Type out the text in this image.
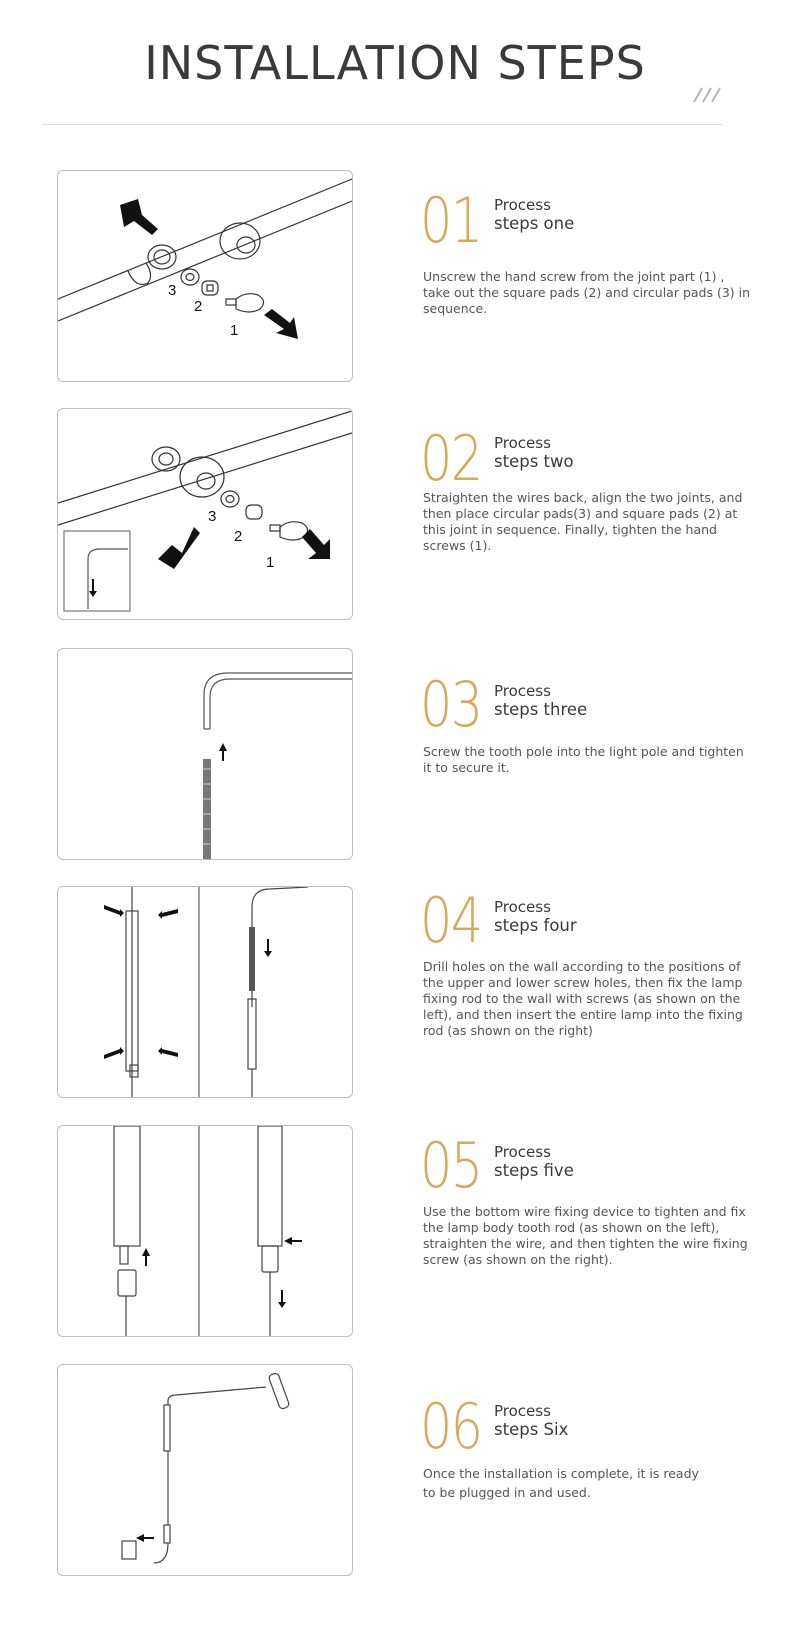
INSTALLATION STEPS
3
2
1
01 Process
steps one

Unscrew the hand screw from the joint part (1) , take out the square pads (2) and circular pads (3) in sequence.

3
2
1
02 Process
steps two

Straighten the wires back, align the two joints, and then place circular pads(3) and square pads (2) at this joint in sequence. Finally, tighten the hand screws (1).

03 Process
steps three

Screw the tooth pole into the light pole and tighten it to secure it.

04 Process
steps four

Drill holes on the wall according to the positions of the upper and lower screw holes, then fix the lamp fixing rod to the wall with screws (as shown on the left), and then insert the entire lamp into the fixing rod (as shown on the right)

05 Process
steps five

Use the bottom wire fixing device to tighten and fix the lamp body tooth rod (as shown on the left), straighten the wire, and then tighten the wire fixing screw (as shown on the right).

06 Process
steps Six

Once the installation is complete, it is ready to be plugged in and used.
